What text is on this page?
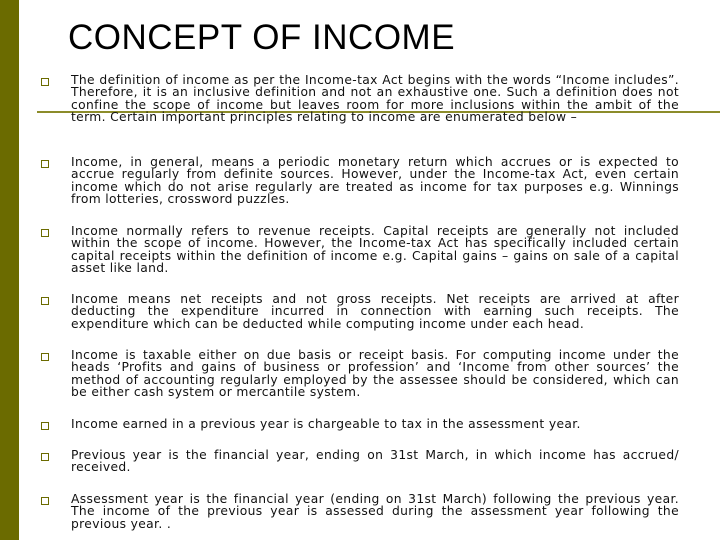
CONCEPT OF INCOME
The definition of income as per the Income-tax Act begins with the words “Income includes”. Therefore, it is an inclusive definition and not an exhaustive one. Such a definition does not confine the scope of income but leaves room for more inclusions within the ambit of the term. Certain important principles relating to income are enumerated below –
Income, in general, means a periodic monetary return which accrues or is expected to accrue regularly from definite sources. However, under the Income-tax Act, even certain income which do not arise regularly are treated as income for tax purposes e.g. Winnings from lotteries, crossword puzzles.
Income normally refers to revenue receipts. Capital receipts are generally not included within the scope of income. However, the Income-tax Act has specifically included certain capital receipts within the definition of income e.g. Capital gains – gains on sale of a capital asset like land.
Income means net receipts and not gross receipts. Net receipts are arrived at after deducting the expenditure incurred in connection with earning such receipts. The expenditure which can be deducted while computing income under each head.
Income is taxable either on due basis or receipt basis. For computing income under the heads ‘Profits and gains of business or profession’ and ‘Income from other sources’ the method of accounting regularly employed by the assessee should be considered, which can be either cash system or mercantile system.
Income earned in a previous year is chargeable to tax in the assessment year.
Previous year is the financial year, ending on 31st March, in which income has accrued/ received.
Assessment year is the financial year (ending on 31st March) following the previous year. The income of the previous year is assessed during the assessment year following the previous year. .
